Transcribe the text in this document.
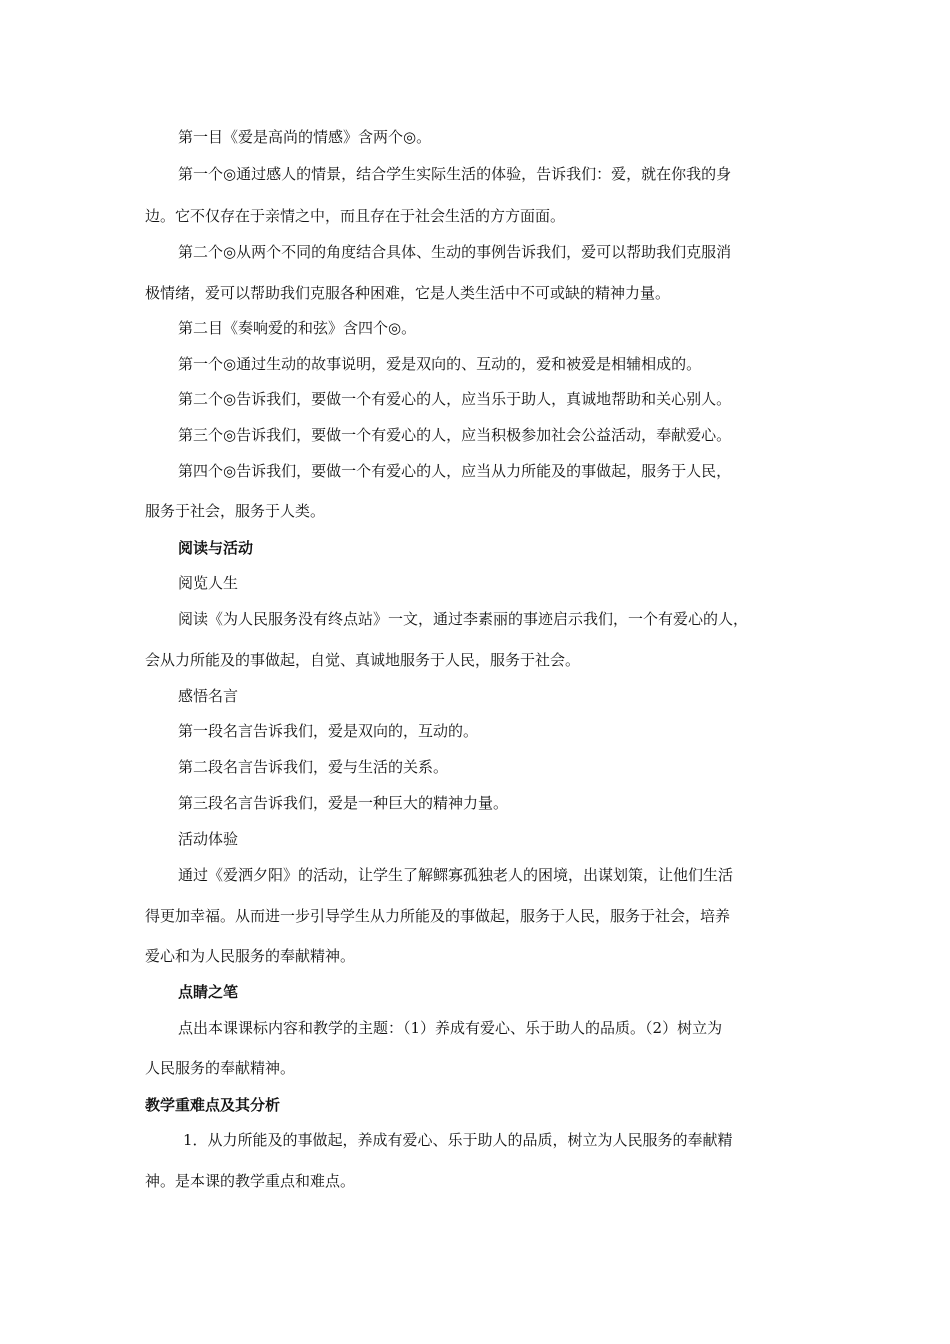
第一目《爱是高尚的情感》含两个◎。
第一个◎通过感人的情景，结合学生实际生活的体验，告诉我们：爱，就在你我的身
边。它不仅存在于亲情之中，而且存在于社会生活的方方面面。
第二个◎从两个不同的角度结合具体、生动的事例告诉我们，爱可以帮助我们克服消
极情绪，爱可以帮助我们克服各种困难，它是人类生活中不可或缺的精神力量。
第二目《奏响爱的和弦》含四个◎。
第一个◎通过生动的故事说明，爱是双向的、互动的，爱和被爱是相辅相成的。
第二个◎告诉我们，要做一个有爱心的人，应当乐于助人，真诚地帮助和关心别人。
第三个◎告诉我们，要做一个有爱心的人，应当积极参加社会公益活动，奉献爱心。
第四个◎告诉我们，要做一个有爱心的人，应当从力所能及的事做起，服务于人民，
服务于社会，服务于人类。
阅读与活动
阅览人生
阅读《为人民服务没有终点站》一文，通过李素丽的事迹启示我们，一个有爱心的人，
会从力所能及的事做起，自觉、真诚地服务于人民，服务于社会。
感悟名言
第一段名言告诉我们，爱是双向的，互动的。
第二段名言告诉我们，爱与生活的关系。
第三段名言告诉我们，爱是一种巨大的精神力量。
活动体验
通过《爱洒夕阳》的活动，让学生了解鳏寡孤独老人的困境，出谋划策，让他们生活
得更加幸福。从而进一步引导学生从力所能及的事做起，服务于人民，服务于社会，培养
爱心和为人民服务的奉献精神。
点睛之笔
点出本课课标内容和教学的主题：（1）养成有爱心、乐于助人的品质。（2）树立为
人民服务的奉献精神。
教学重难点及其分析
1．从力所能及的事做起，养成有爱心、乐于助人的品质，树立为人民服务的奉献精
神。是本课的教学重点和难点。
